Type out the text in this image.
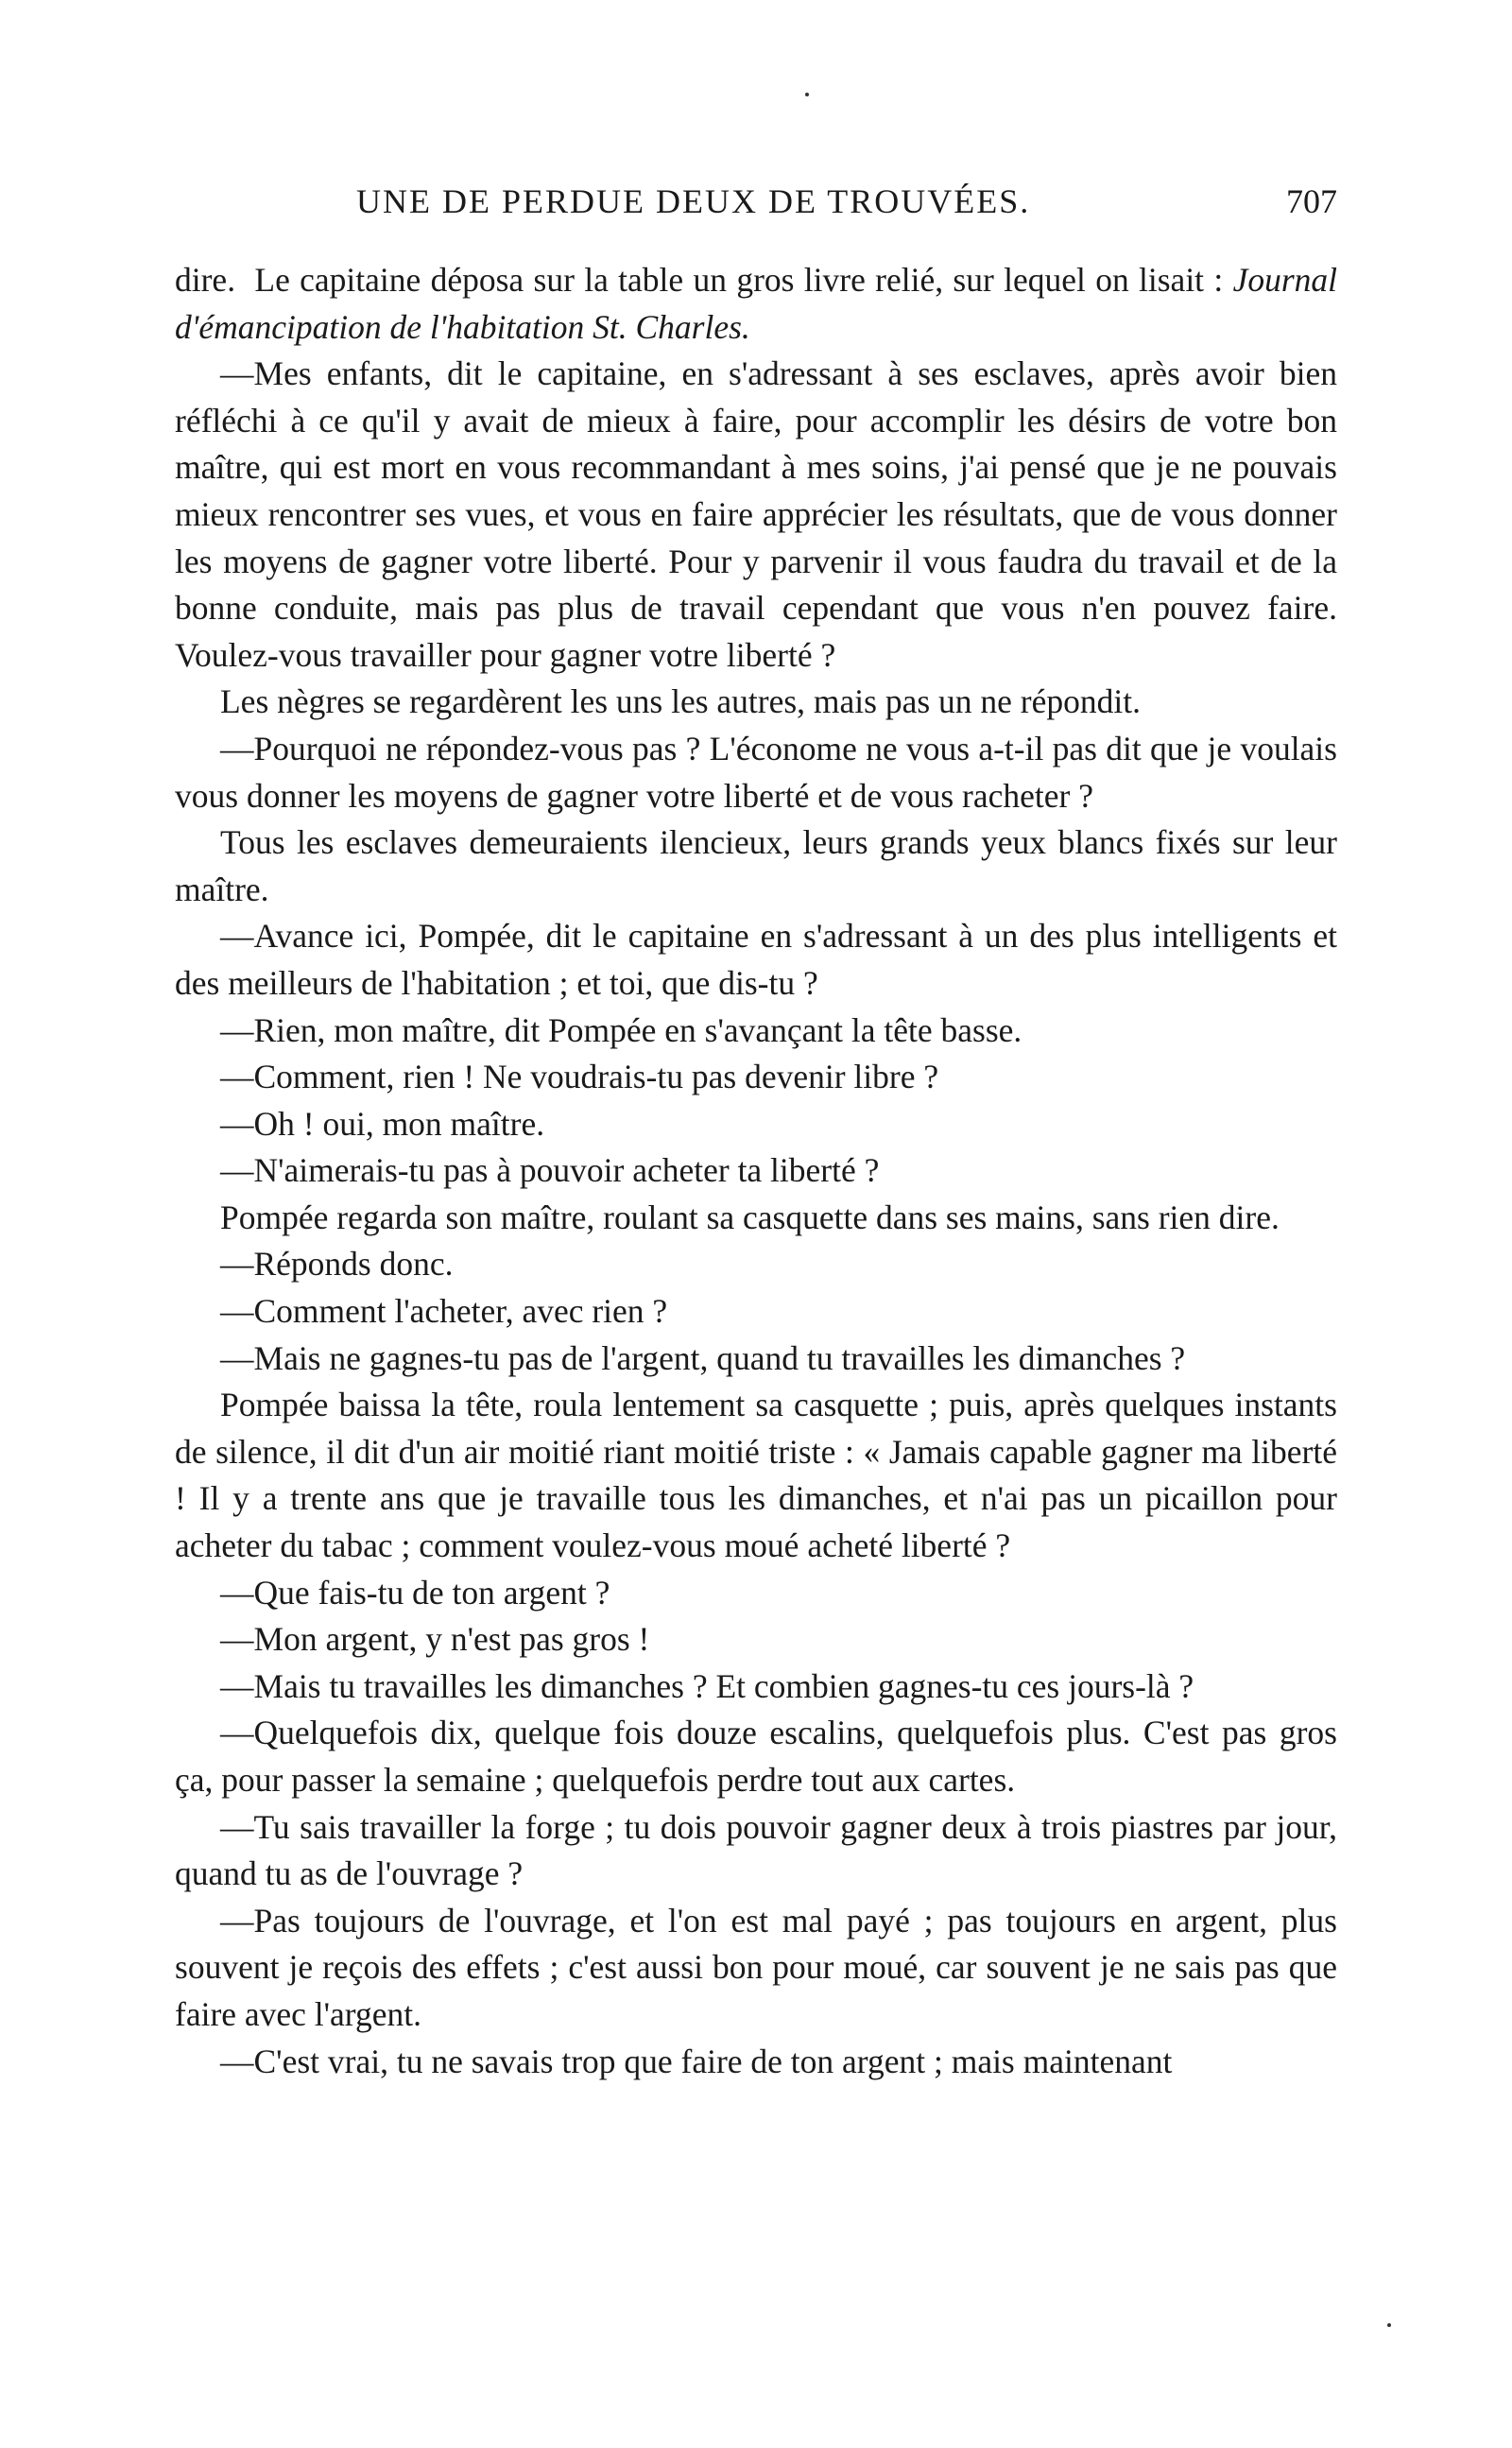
UNE DE PERDUE DEUX DE TROUVÉES.	707

dire. Le capitaine déposa sur la table un gros livre relié, sur lequel on lisait : Journal d'émancipation de l'habitation St. Charles.

—Mes enfants, dit le capitaine, en s'adressant à ses esclaves, après avoir bien réfléchi à ce qu'il y avait de mieux à faire, pour accomplir les désirs de votre bon maître, qui est mort en vous recommandant à mes soins, j'ai pensé que je ne pouvais mieux rencontrer ses vues, et vous en faire apprécier les résultats, que de vous donner les moyens de gagner votre liberté. Pour y parvenir il vous faudra du travail et de la bonne conduite, mais pas plus de travail cependant que vous n'en pouvez faire. Voulez-vous travailler pour gagner votre liberté ?

Les nègres se regardèrent les uns les autres, mais pas un ne répondit.

—Pourquoi ne répondez-vous pas ? L'économe ne vous a-t-il pas dit que je voulais vous donner les moyens de gagner votre liberté et de vous racheter ?

Tous les esclaves demeuraients ilencieux, leurs grands yeux blancs fixés sur leur maître.

—Avance ici, Pompée, dit le capitaine en s'adressant à un des plus intelligents et des meilleurs de l'habitation ; et toi, que dis-tu ?

—Rien, mon maître, dit Pompée en s'avançant la tête basse.

—Comment, rien ! Ne voudrais-tu pas devenir libre ?

—Oh ! oui, mon maître.

—N'aimerais-tu pas à pouvoir acheter ta liberté ?

Pompée regarda son maître, roulant sa casquette dans ses mains, sans rien dire.

—Réponds donc.

—Comment l'acheter, avec rien ?

—Mais ne gagnes-tu pas de l'argent, quand tu travailles les dimanches ?

Pompée baissa la tête, roula lentement sa casquette ; puis, après quelques instants de silence, il dit d'un air moitié riant moitié triste : « Jamais capable gagner ma liberté ! Il y a trente ans que je travaille tous les dimanches, et n'ai pas un picaillon pour acheter du tabac ; comment voulez-vous moué acheté liberté ?

—Que fais-tu de ton argent ?

—Mon argent, y n'est pas gros !

—Mais tu travailles les dimanches ? Et combien gagnes-tu ces jours-là ?

—Quelquefois dix, quelque fois douze escalins, quelquefois plus. C'est pas gros ça, pour passer la semaine ; quelquefois perdre tout aux cartes.

—Tu sais travailler la forge ; tu dois pouvoir gagner deux à trois piastres par jour, quand tu as de l'ouvrage ?

—Pas toujours de l'ouvrage, et l'on est mal payé ; pas toujours en argent, plus souvent je reçois des effets ; c'est aussi bon pour moué, car souvent je ne sais pas que faire avec l'argent.

—C'est vrai, tu ne savais trop que faire de ton argent ; mais maintenant
